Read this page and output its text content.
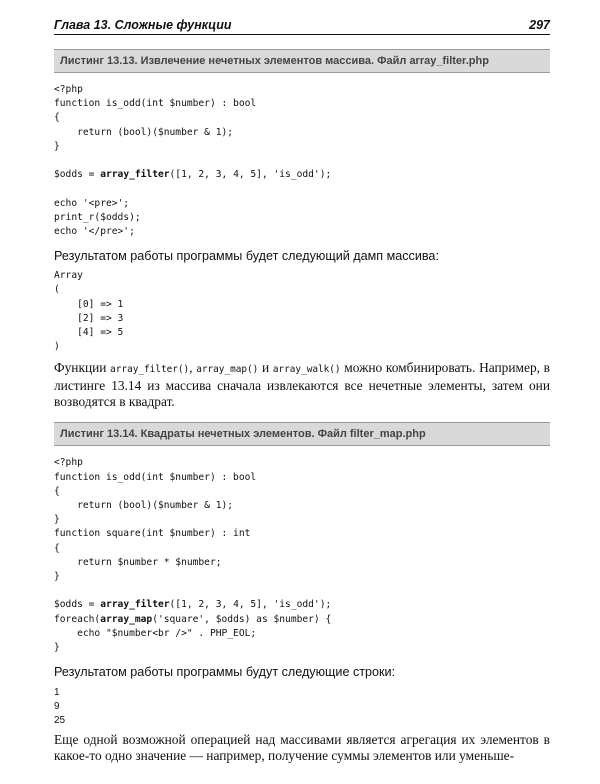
Глава 13. Сложные функции	297
Листинг 13.13. Извлечение нечетных элементов массива. Файл array_filter.php
<?php
function is_odd(int $number) : bool
{
return (bool)($number & 1);
}

$odds = array_filter([1, 2, 3, 4, 5], 'is_odd');

echo '<pre>';
print_r($odds);
echo '</pre>';

Результатом работы программы будет следующий дамп массива:

Array
(
[0] => 1
[2] => 3
[4] => 5
)

Функции array_filter(), array_map() и array_walk() можно комбинировать. Например, в листинге 13.14 из массива сначала извлекаются все нечетные элементы, затем они возводятся в квадрат.

Листинг 13.14. Квадраты нечетных элементов. Файл filter_map.php
<?php
function is_odd(int $number) : bool
{
return (bool)($number & 1);
}
function square(int $number) : int
{
return $number * $number;
}

$odds = array_filter([1, 2, 3, 4, 5], 'is_odd');
foreach(array_map('square', $odds) as $number) {
echo "$number<br />" . PHP_EOL;
}

Результатом работы программы будут следующие строки:

1
9
25

Еще одной возможной операцией над массивами является агрегация их элементов в какое-то одно значение — например, получение суммы элементов или уменьше-
